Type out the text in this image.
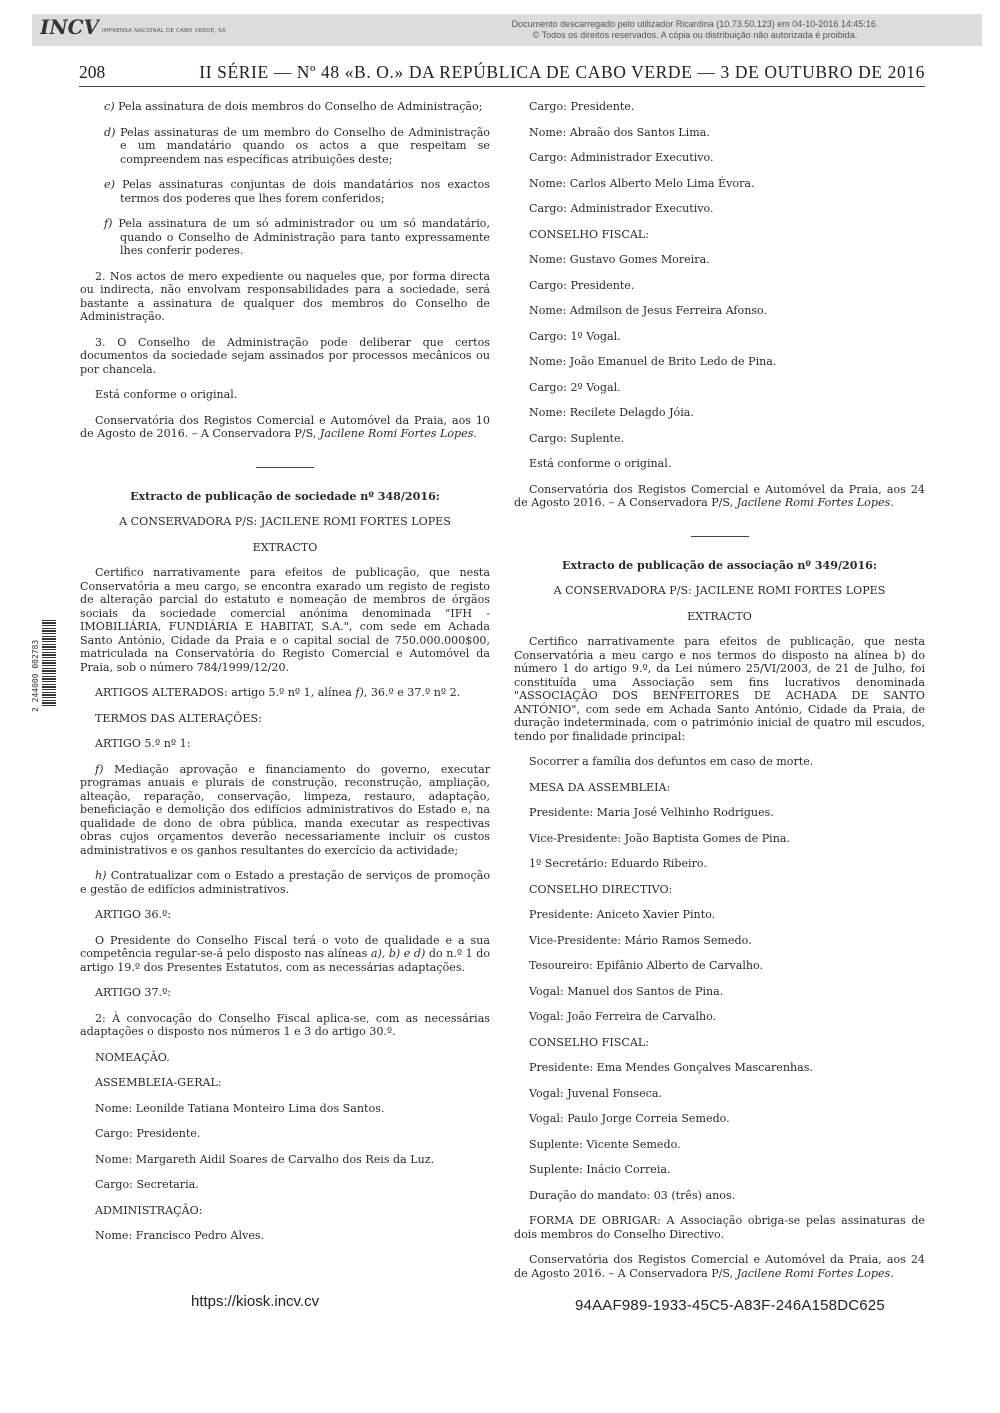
INCV IMPRENSA NACIONAL DE CABO VERDE, SA
Documento descarregado pelo utilizador Ricardina (10.73.50.123) em 04-10-2016 14:45:16.
© Todos os direitos reservados. A cópia ou distribuição não autorizada é proibida.
208	II SÉRIE — Nº 48 «B. O.» DA REPÚBLICA DE CABO VERDE — 3 DE OUTUBRO DE 2016

c) Pela assinatura de dois membros do Conselho de Administração;

d) Pelas assinaturas de um membro do Conselho de Administração e um mandatário quando os actos a que respeitam se compreendem nas específicas atribuições deste;

e) Pelas assinaturas conjuntas de dois mandatários nos exactos termos dos poderes que lhes forem conferidos;

f) Pela assinatura de um só administrador ou um só mandatário, quando o Conselho de Administração para tanto expressamente lhes conferir poderes.

2. Nos actos de mero expediente ou naqueles que, por forma directa ou indirecta, não envolvam responsabilidades para a sociedade, será bastante a assinatura de qualquer dos membros do Conselho de Administração.

3. O Conselho de Administração pode deliberar que certos documentos da sociedade sejam assinados por processos mecânicos ou por chancela.

Está conforme o original.

Conservatória dos Registos Comercial e Automóvel da Praia, aos 10 de Agosto de 2016. – A Conservadora P/S, Jacilene Romi Fortes Lopes.

Extracto de publicação de sociedade nº 348/2016:

A CONSERVADORA P/S: JACILENE ROMI FORTES LOPES

EXTRACTO

Certifico narrativamente para efeitos de publicação, que nesta Conservatória a meu cargo, se encontra exarado um registo de registo de alteração parcial do estatuto e nomeação de membros de órgãos sociais da sociedade comercial anónima denominada "IFH - IMOBILIÁRIA, FUNDIÁRIA E HABITAT, S.A.", com sede em Achada Santo António, Cidade da Praia e o capital social de 750.000.000$00, matriculada na Conservatória do Registo Comercial e Automóvel da Praia, sob o número 784/1999/12/20.

ARTIGOS ALTERADOS: artigo 5.º nº 1, alínea f), 36.º e 37.º nº 2.

TERMOS DAS ALTERAÇÕES:

ARTIGO 5.º nº 1:

f) Mediação aprovação e financiamento do governo, executar programas anuais e plurais de construção, reconstrução, ampliação, alteação, reparação, conservação, limpeza, restauro, adaptação, beneficiação e demolição dos edifícios administrativos do Estado e, na qualidade de dono de obra pública, manda executar as respectivas obras cujos orçamentos deverão necessariamente incluir os custos administrativos e os ganhos resultantes do exercício da actividade;

h) Contratualizar com o Estado a prestação de serviços de promoção e gestão de edifícios administrativos.

ARTIGO 36.º:

O Presidente do Conselho Fiscal terá o voto de qualidade e a sua competência regular-se-á pelo disposto nas alíneas a), b) e d) do n.º 1 do artigo 19.º dos Presentes Estatutos, com as necessárias adaptações.

ARTIGO 37.º:

2: À convocação do Conselho Fiscal aplica-se, com as necessárias adaptações o disposto nos números 1 e 3 do artigo 30.º.

NOMEAÇÃO.

ASSEMBLEIA-GERAL:

Nome: Leonilde Tatiana Monteiro Lima dos Santos.

Cargo: Presidente.

Nome: Margareth Aidil Soares de Carvalho dos Reis da Luz.

Cargo: Secretaria.

ADMINISTRAÇÃO:

Nome: Francisco Pedro Alves.

2 244000 002783

Cargo: Presidente.

Nome: Abraão dos Santos Lima.

Cargo: Administrador Executivo.

Nome: Carlos Alberto Melo Lima Évora.

Cargo: Administrador Executivo.

CONSELHO FISCAL:

Nome: Gustavo Gomes Moreira.

Cargo: Presidente.

Nome: Admilson de Jesus Ferreira Afonso.

Cargo: 1º Vogal.

Nome: João Emanuel de Brito Ledo de Pina.

Cargo: 2º Vogal.

Nome: Recilete Delagdo Jóia.

Cargo: Suplente.

Está conforme o original.

Conservatória dos Registos Comercial e Automóvel da Praia, aos 24 de Agosto 2016. – A Conservadora P/S, Jacilene Romi Fortes Lopes.

Extracto de publicação de associação nº 349/2016:

A CONSERVADORA P/S: JACILENE ROMI FORTES LOPES

EXTRACTO

Certifico narrativamente para efeitos de publicação, que nesta Conservatória a meu cargo e nos termos do disposto na alínea b) do número 1 do artigo 9.º, da Lei número 25/VI/2003, de 21 de Julho, foi constituída uma Associação sem fins lucrativos denominada "ASSOCIAÇÃO DOS BENFEITORES DE ACHADA DE SANTO ANTÓNIO", com sede em Achada Santo António, Cidade da Praia, de duração indeterminada, com o património inicial de quatro mil escudos, tendo por finalidade principal:

Socorrer a família dos defuntos em caso de morte.

MESA DA ASSEMBLEIA:

Presidente: Maria José Velhinho Rodrigues.

Vice-Presidente: João Baptista Gomes de Pina.

1º Secretário: Eduardo Ribeiro.

CONSELHO DIRECTIVO:

Presidente: Aniceto Xavier Pinto.

Vice-Presidente: Mário Ramos Semedo.

Tesoureiro: Epifânio Alberto de Carvalho.

Vogal: Manuel dos Santos de Pina.

Vogal: João Ferreira de Carvalho.

CONSELHO FISCAL:

Presidente: Ema Mendes Gonçalves Mascarenhas.

Vogal: Juvenal Fonseca.

Vogal: Paulo Jorge Correia Semedo.

Suplente: Vicente Semedo.

Suplente: Inácio Correia.

Duração do mandato: 03 (três) anos.

FORMA DE OBRIGAR: A Associação obriga-se pelas assinaturas de dois membros do Conselho Directivo.

Conservatória dos Registos Comercial e Automóvel da Praia, aos 24 de Agosto 2016. – A Conservadora P/S, Jacilene Romi Fortes Lopes.

https://kiosk.incv.cv	94AAF989-1933-45C5-A83F-246A158DC625
